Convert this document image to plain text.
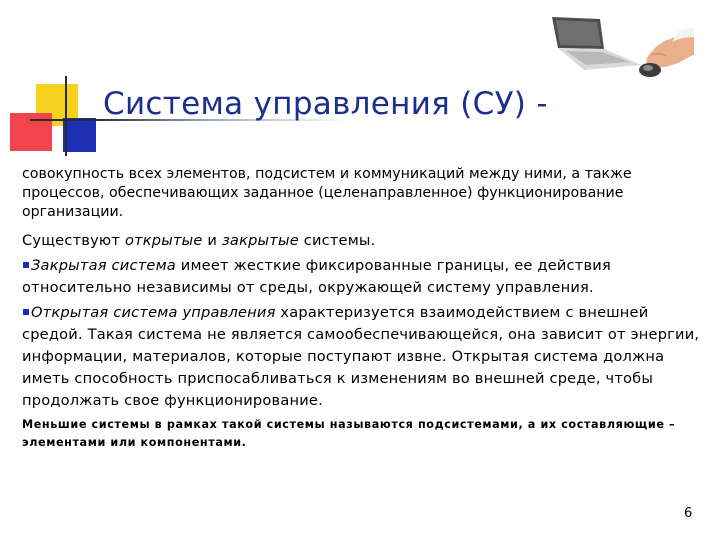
Система управления (СУ) -

совокупность всех элементов, подсистем и коммуникаций между ними, а также процессов, обеспечивающих заданное (целенаправленное) функционирование организации.

Существуют открытые и закрытые системы.

Закрытая система имеет жесткие фиксированные границы, ее действия относительно независимы от среды, окружающей систему управления.

Открытая система управления характеризуется взаимодействием с внешней средой. Такая система не является самообеспечивающейся, она зависит от энергии, информации, материалов, которые поступают извне. Открытая система должна иметь способность приспосабливаться к изменениям во внешней среде, чтобы продолжать свое функционирование.

Меньшие системы в рамках такой системы называются подсистемами, а их составляющие – элементами или компонентами.

6
